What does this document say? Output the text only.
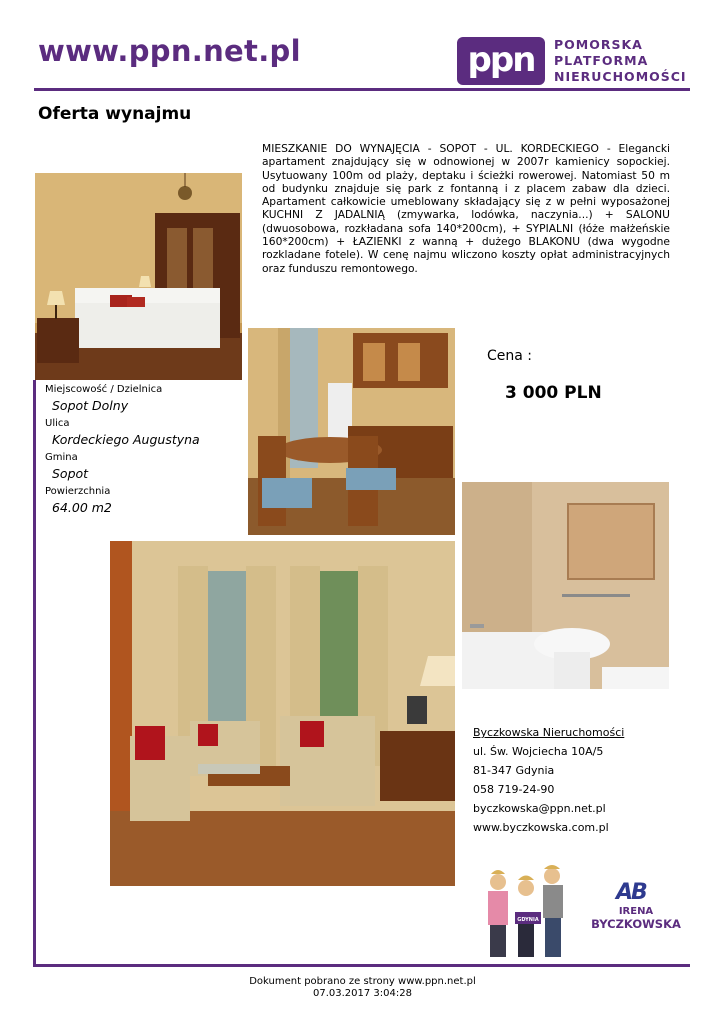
www.ppn.net.pl	ppn	POMORSKA
PLATFORMA
NIERUCHOMOŚCI
Oferta wynajmu
MIESZKANIE DO WYNAJĘCIA - SOPOT - UL. KORDECKIEGO - Elegancki apartament znajdujący się w odnowionej w 2007r kamienicy sopockiej. Usytuowany 100m od plaży, deptaku i ścieżki rowerowej. Natomiast 50 m od budynku znajduje się park z fontanną i z placem zabaw dla dzieci. Apartament całkowicie umeblowany składający się z w pełni wyposażonej KUCHNI Z JADALNIĄ (zmywarka, lodówka, naczynia...) + SALONU (dwuosobowa, rozkładana sofa 140*200cm), + SYPIALNI (łóże małżeńskie 160*200cm) + ŁAZIENKI z wanną + dużego BLAKONU (dwa wygodne rozkladane fotele). W cenę najmu wliczono koszty opłat administracyjnych oraz funduszu remontowego.
Miejscowość / Dzielnica
Sopot Dolny
Ulica
Kordeckiego Augustyna
Gmina
Sopot
Powierzchnia
64.00 m2
Cena :
3 000 PLN
Byczkowska Nieruchomości
ul. Św. Wojciecha 10A/5
81-347 Gdynia
058 719-24-90
byczkowska@ppn.net.pl
www.byczkowska.com.pl
GDYNIA
AB
IRENA
BYCZKOWSKA
Dokument pobrano ze strony www.ppn.net.pl
07.03.2017 3:04:28
